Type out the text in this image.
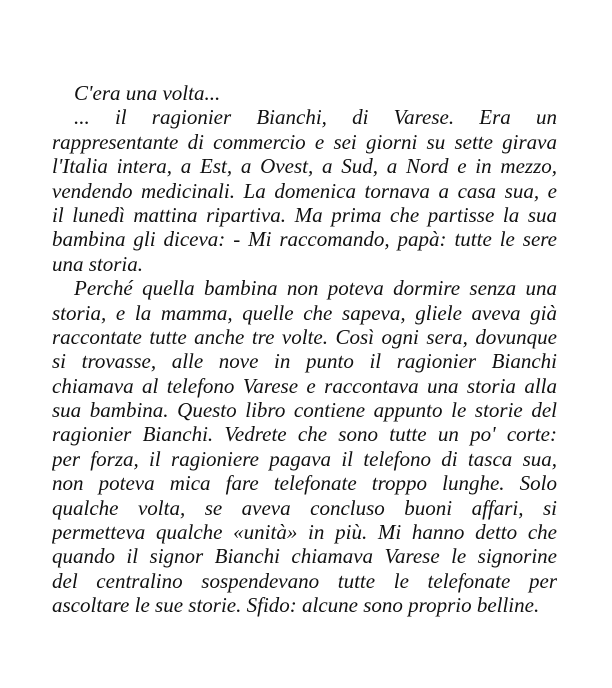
C'era una volta...
... il ragionier Bianchi, di Varese. Era un
rappresentante di commercio e sei giorni su sette girava
l'Italia intera, a Est, a Ovest, a Sud, a Nord e in mezzo,
vendendo medicinali. La domenica tornava a casa sua, e
il lunedì mattina ripartiva. Ma prima che partisse la sua
bambina gli diceva: - Mi raccomando, papà: tutte le sere
una storia.
Perché quella bambina non poteva dormire senza una
storia, e la mamma, quelle che sapeva, gliele aveva già
raccontate tutte anche tre volte. Così ogni sera, dovunque
si trovasse, alle nove in punto il ragionier Bianchi
chiamava al telefono Varese e raccontava una storia alla
sua bambina. Questo libro contiene appunto le storie del
ragionier Bianchi. Vedrete che sono tutte un po' corte:
per forza, il ragioniere pagava il telefono di tasca sua,
non poteva mica fare telefonate troppo lunghe. Solo
qualche volta, se aveva concluso buoni affari, si
permetteva qualche «unità» in più. Mi hanno detto che
quando il signor Bianchi chiamava Varese le signorine
del centralino sospendevano tutte le telefonate per
ascoltare le sue storie. Sfido: alcune sono proprio belline.
